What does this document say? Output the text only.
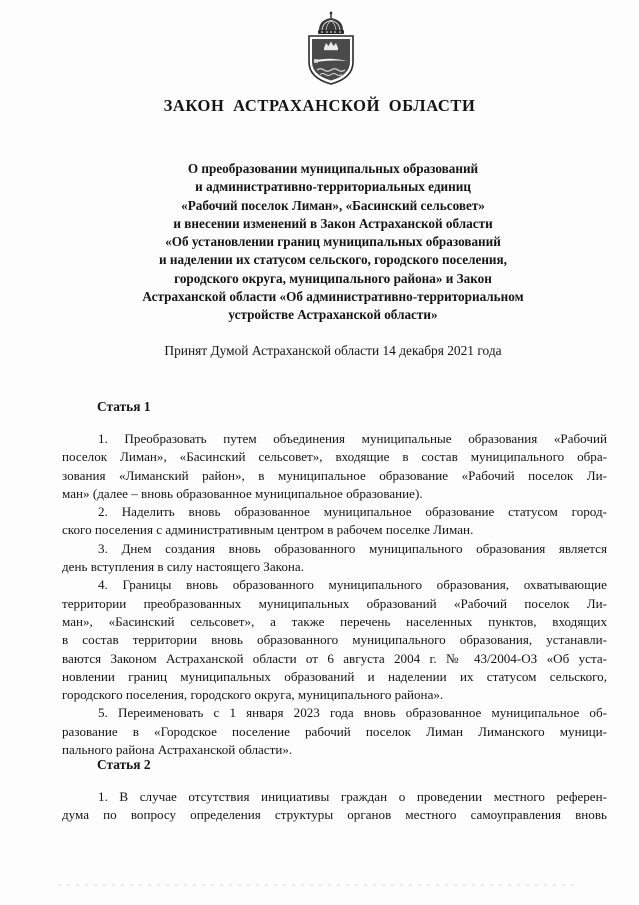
ЗАКОН АСТРАХАНСКОЙ ОБЛАСТИ
О преобразовании муниципальных образований
и административно-территориальных единиц
«Рабочий поселок Лиман», «Басинский сельсовет»
и внесении изменений в Закон Астраханской области
«Об установлении границ муниципальных образований
и наделении их статусом сельского, городского поселения,
городского округа, муниципального района» и Закон
Астраханской области «Об административно-территориальном
устройстве Астраханской области»

Принят Думой Астраханской области 14 декабря 2021 года

Статья 1
1. Преобразовать путем объединения муниципальные образования «Рабочий
поселок Лиман», «Басинский сельсовет», входящие в состав муниципального обра-
зования «Лиманский район», в муниципальное образование «Рабочий поселок Ли-
ман» (далее – вновь образованное муниципальное образование).
2. Наделить вновь образованное муниципальное образование статусом город-
ского поселения с административным центром в рабочем поселке Лиман.
3. Днем создания вновь образованного муниципального образования является
день вступления в силу настоящего Закона.
4. Границы вновь образованного муниципального образования, охватывающие
территории преобразованных муниципальных образований «Рабочий поселок Ли-
ман», «Басинский сельсовет», а также перечень населенных пунктов, входящих
в состав территории вновь образованного муниципального образования, устанавли-
ваются Законом Астраханской области от 6 августа 2004 г. № 43/2004-ОЗ «Об уста-
новлении границ муниципальных образований и наделении их статусом сельского,
городского поселения, городского округа, муниципального района».
5. Переименовать с 1 января 2023 года вновь образованное муниципальное об-
разование в «Городское поселение рабочий поселок Лиман Лиманского муници-
пального района Астраханской области».
Статья 2
1. В случае отсутствия инициативы граждан о проведении местного референ-
дума по вопросу определения структуры органов местного самоуправления вновь
